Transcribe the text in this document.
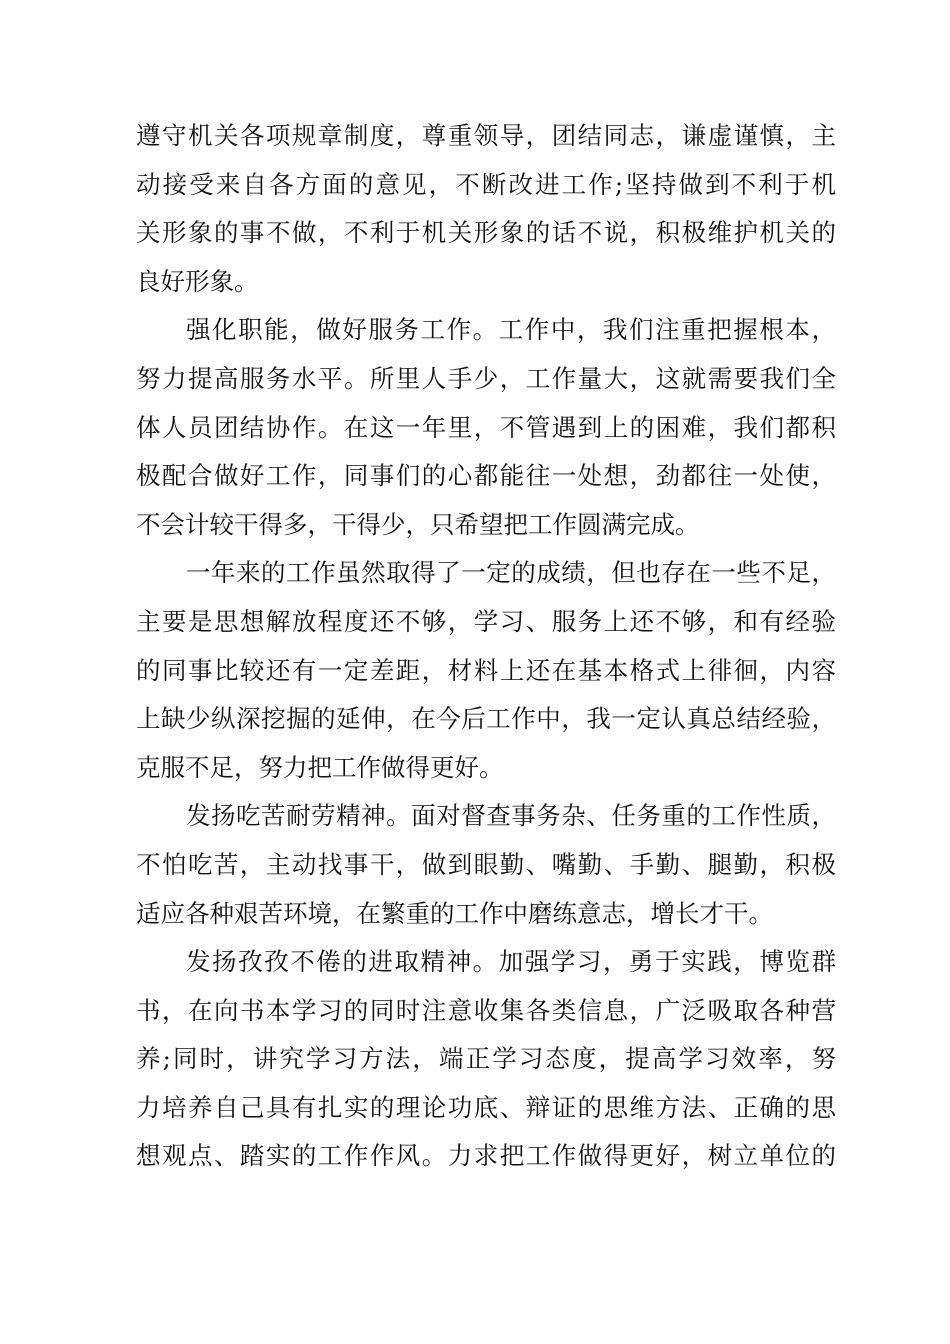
遵守机关各项规章制度，尊重领导，团结同志，谦虚谨慎，主
动接受来自各方面的意见，不断改进工作;坚持做到不利于机
关形象的事不做，不利于机关形象的话不说，积极维护机关的
良好形象。
强化职能，做好服务工作。工作中，我们注重把握根本，
努力提高服务水平。所里人手少，工作量大，这就需要我们全
体人员团结协作。在这一年里，不管遇到上的困难，我们都积
极配合做好工作，同事们的心都能往一处想，劲都往一处使，
不会计较干得多，干得少，只希望把工作圆满完成。
一年来的工作虽然取得了一定的成绩，但也存在一些不足，
主要是思想解放程度还不够，学习、服务上还不够，和有经验
的同事比较还有一定差距，材料上还在基本格式上徘徊，内容
上缺少纵深挖掘的延伸，在今后工作中，我一定认真总结经验，
克服不足，努力把工作做得更好。
发扬吃苦耐劳精神。面对督查事务杂、任务重的工作性质，
不怕吃苦，主动找事干，做到眼勤、嘴勤、手勤、腿勤，积极
适应各种艰苦环境，在繁重的工作中磨练意志，增长才干。
发扬孜孜不倦的进取精神。加强学习，勇于实践，博览群
书，在向书本学习的同时注意收集各类信息，广泛吸取各种营
养;同时，讲究学习方法，端正学习态度，提高学习效率，努
力培养自己具有扎实的理论功底、辩证的思维方法、正确的思
想观点、踏实的工作作风。力求把工作做得更好，树立单位的
